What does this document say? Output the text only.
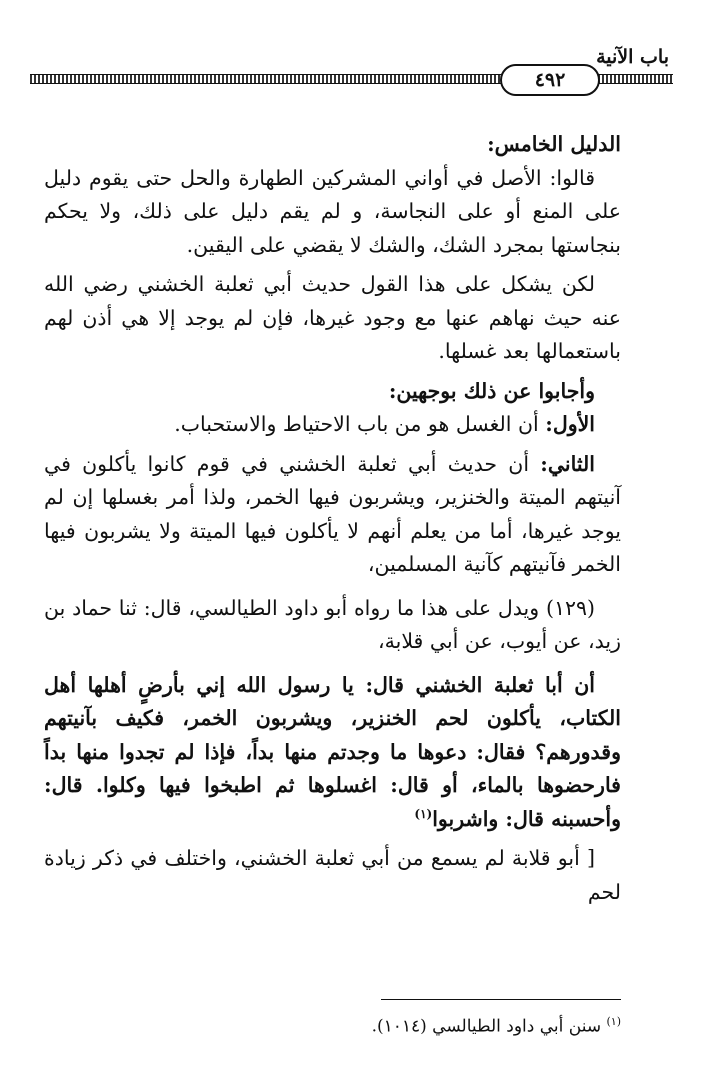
باب الآنية
٤٩٢

الدليل الخامس:

قالوا: الأصل في أواني المشركين الطهارة والحل حتى يقوم دليل على المنع أو على النجاسة، و لم يقم دليل على ذلك، ولا يحكم بنجاستها بمجرد الشك، والشك لا يقضي على اليقين.

لكن يشكل على هذا القول حديث أبي ثعلبة الخشني رضي الله عنه حيث نهاهم عنها مع وجود غيرها، فإن لم يوجد إلا هي أذن لهم باستعمالها بعد غسلها.

وأجابوا عن ذلك بوجهين:

الأول: أن الغسل هو من باب الاحتياط والاستحباب.

الثاني: أن حديث أبي ثعلبة الخشني في قوم كانوا يأكلون في آنيتهم الميتة والخنزير، ويشربون فيها الخمر، ولذا أمر بغسلها إن لم يوجد غيرها، أما من يعلم أنهم لا يأكلون فيها الميتة ولا يشربون فيها الخمر فآنيتهم كآنية المسلمين،

(١٢٩) ويدل على هذا ما رواه أبو داود الطيالسي، قال: ثنا حماد بن زيد، عن أيوب، عن أبي قلابة،

أن أبا ثعلبة الخشني قال: يا رسول الله إني بأرضٍ أهلها أهل الكتاب، يأكلون لحم الخنزير، ويشربون الخمر، فكيف بآنيتهم وقدورهم؟ فقال: دعوها ما وجدتم منها بداً، فإذا لم تجدوا منها بداً فارحضوها بالماء، أو قال: اغسلوها ثم اطبخوا فيها وكلوا. قال: وأحسبنه قال: واشربوا$^{(١)}$

[ أبو قلابة لم يسمع من أبي ثعلبة الخشني، واختلف في ذكر زيادة لحم

$^{(١)}$ سنن أبي داود الطيالسي (١٠١٤).
